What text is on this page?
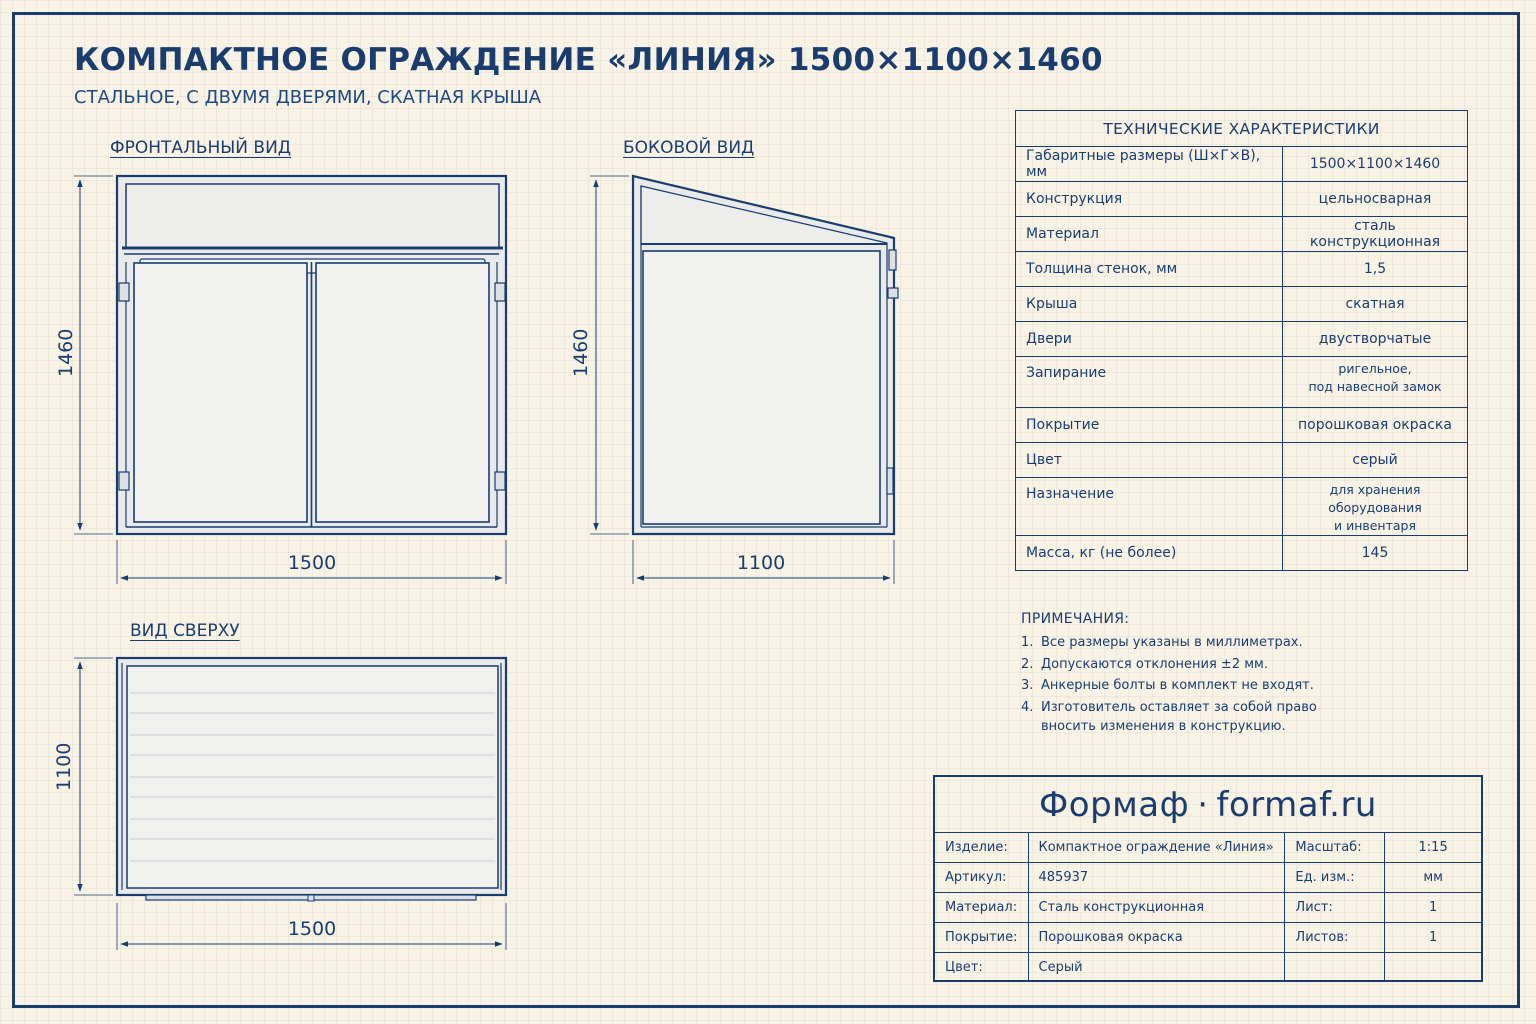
КОМПАКТНОЕ ОГРАЖДЕНИЕ «ЛИНИЯ» 1500×1100×1460
СТАЛЬНОЕ, С ДВУМЯ ДВЕРЯМИ, СКАТНАЯ КРЫША
ФРОНТАЛЬНЫЙ ВИД	БОКОВОЙ ВИД
ВИД СВЕРХУ
1460
1500
1460
1100
1100
1500
ТЕХНИЧЕСКИЕ ХАРАКТЕРИСТИКИ	
Габаритные размеры (Ш×Г×В), мм	1500×1100×1460
Конструкция	цельносварная
Материал	сталь конструкционная
Толщина стенок, мм	1,5
Крыша	скатная
Двери	двустворчатые
Запирание	ригельное,
под навесной замок
Покрытие	порошковая окраска
Цвет	серый
Назначение	для хранения оборудования
и инвентаря
Масса, кг (не более)	145
ПРИМЕЧАНИЯ:
1. Все размеры указаны в миллиметрах.
2. Допускаются отклонения ±2 мм.
3. Анкерные болты в комплект не входят.
4. Изготовитель оставляет за собой право
вносить изменения в конструкцию.
Формаф · formaf.ru
Изделие:	Компактное ограждение «Линия»	Масштаб:	1:15
Артикул:	485937	Ед. изм.:	мм
Материал:	Сталь конструкционная	Лист:	1
Покрытие:	Порошковая окраска	Листов:	1
Цвет:	Серый		
